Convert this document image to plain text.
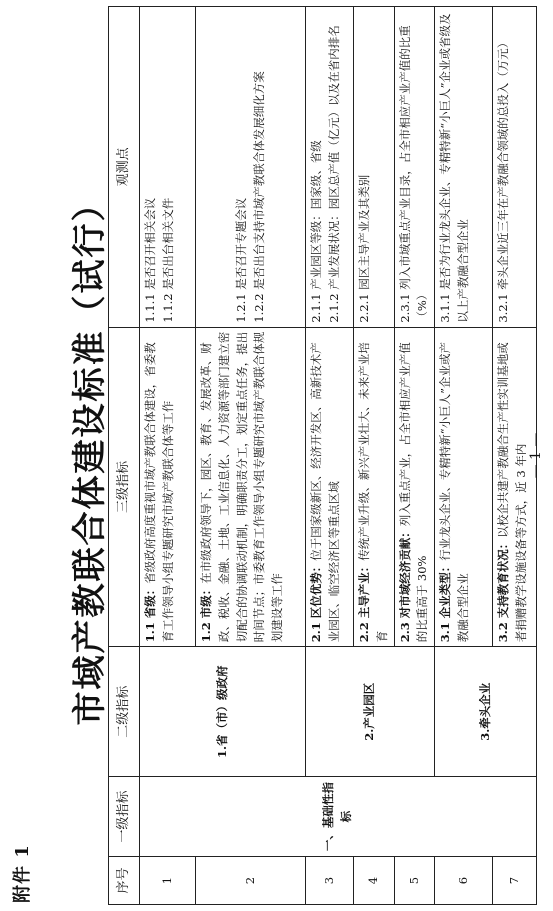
附件 1
市域产教联合体建设标准（试行）
序号	一级指标	二级指标	三级指标	观测点
1	一、基础性指标	1.省（市）级政府	1.1 省级：省级政府高度重视市域产教联合体建设，省委教育工作领导小组专题研究市域产教联合体等工作	1.1.1 是否召开相关会议 1.1.2 是否出台相关文件

2			1.2 市级：在市级政府领导下，园区、教育、发展改革、财政、税收、金融、土地、工业信息化、人力资源等部门建立密切配合的协调联动机制，明确职责分工，划定重点任务，提出时间节点；市委教育工作领导小组专题研究市域产教联合体规划建设等工作	1.2.1 是否召开专题会议 1.2.2 是否出台支持市域产教联合体发展细化方案

3		2.产业园区	2.1 区位优势：位于国家级新区、经济开发区、高新技术产业园区、临空经济区等重点区域	2.1.1 产业园区等级：国家级、省级 2.1.2 产业发展状况：园区总产值（亿元）以及在省内排名

4			2.2 主导产业：传统产业升级、新兴产业壮大、未来产业培育	2.2.1 园区主导产业及其类别

5			2.3 对市域经济贡献：列入重点产业，占全市相应产业产值的比重高于 30%	2.3.1 列入市域重点产业目录，占全市相应产业产值的比重（%）

6		3.牵头企业	3.1 企业类型：行业龙头企业、专精特新“小巨人”企业或产教融合型企业	3.1.1 是否为行业龙头企业、专精特新“小巨人”企业或省级及以上产教融合型企业

7			3.2 支持教育状况：以校企共建产教融合生产性实训基地或者捐赠教学设施设备等方式，近 3 年内	3.2.1 牵头企业近三年在产教融合领域的总投入（万元）
— 1 —
